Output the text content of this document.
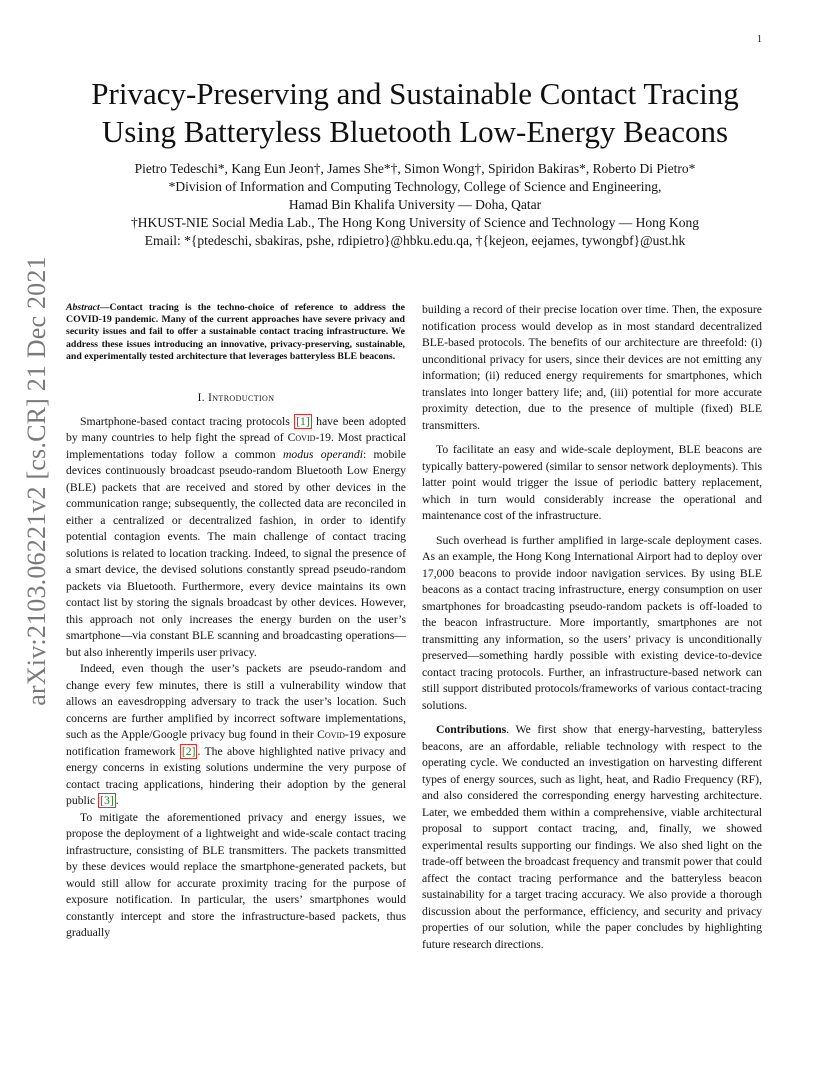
1
arXiv:2103.06221v2 [cs.CR] 21 Dec 2021
Privacy-Preserving and Sustainable Contact Tracing
Using Batteryless Bluetooth Low-Energy Beacons
Pietro Tedeschi*, Kang Eun Jeon†, James She*†, Simon Wong†, Spiridon Bakiras*, Roberto Di Pietro*
*Division of Information and Computing Technology, College of Science and Engineering,
Hamad Bin Khalifa University — Doha, Qatar
†HKUST-NIE Social Media Lab., The Hong Kong University of Science and Technology — Hong Kong
Email: *{ptedeschi, sbakiras, pshe, rdipietro}@hbku.edu.qa, †{kejeon, eejames, tywongbf}@ust.hk

Abstract—Contact tracing is the techno-choice of reference to address the COVID-19 pandemic. Many of the current approaches have severe privacy and security issues and fail to offer a sustainable contact tracing infrastructure. We address these issues introducing an innovative, privacy-preserving, sustainable, and experimentally tested architecture that leverages batteryless BLE beacons.

I. Introduction

Smartphone-based contact tracing protocols [1] have been adopted by many countries to help fight the spread of Covid-19. Most practical implementations today follow a common modus operandi: mobile devices continuously broadcast pseudo-random Bluetooth Low Energy (BLE) packets that are received and stored by other devices in the communication range; subsequently, the collected data are reconciled in either a centralized or decentralized fashion, in order to identify potential contagion events. The main challenge of contact tracing solutions is related to location tracking. Indeed, to signal the presence of a smart device, the devised solutions constantly spread pseudo-random packets via Bluetooth. Furthermore, every device maintains its own contact list by storing the signals broadcast by other devices. However, this approach not only increases the energy burden on the user’s smartphone—via constant BLE scanning and broadcasting operations—but also inherently imperils user privacy.

Indeed, even though the user’s packets are pseudo-random and change every few minutes, there is still a vulnerability window that allows an eavesdropping adversary to track the user’s location. Such concerns are further amplified by incorrect software implementations, such as the Apple/Google privacy bug found in their Covid-19 exposure notification framework [2] . The above highlighted native privacy and energy concerns in existing solutions undermine the very purpose of contact tracing applications, hindering their adoption by the general public [3] .

To mitigate the aforementioned privacy and energy issues, we propose the deployment of a lightweight and wide-scale contact tracing infrastructure, consisting of BLE transmitters. The packets transmitted by these devices would replace the smartphone-generated packets, but would still allow for accurate proximity tracing for the purpose of exposure notification. In particular, the users’ smartphones would constantly intercept and store the infrastructure-based packets, thus gradually

building a record of their precise location over time. Then, the exposure notification process would develop as in most standard decentralized BLE-based protocols. The benefits of our architecture are threefold: (i) unconditional privacy for users, since their devices are not emitting any information; (ii) reduced energy requirements for smartphones, which translates into longer battery life; and, (iii) potential for more accurate proximity detection, due to the presence of multiple (fixed) BLE transmitters.

To facilitate an easy and wide-scale deployment, BLE beacons are typically battery-powered (similar to sensor network deployments). This latter point would trigger the issue of periodic battery replacement, which in turn would considerably increase the operational and maintenance cost of the infrastructure.

Such overhead is further amplified in large-scale deployment cases. As an example, the Hong Kong International Airport had to deploy over 17,000 beacons to provide indoor navigation services. By using BLE beacons as a contact tracing infrastructure, energy consumption on user smartphones for broadcasting pseudo-random packets is off-loaded to the beacon infrastructure. More importantly, smartphones are not transmitting any information, so the users’ privacy is unconditionally preserved—something hardly possible with existing device-to-device contact tracing protocols. Further, an infrastructure-based network can still support distributed protocols/frameworks of various contact-tracing solutions.

Contributions. We first show that energy-harvesting, batteryless beacons, are an affordable, reliable technology with respect to the operating cycle. We conducted an investigation on harvesting different types of energy sources, such as light, heat, and Radio Frequency (RF), and also considered the corresponding energy harvesting architecture. Later, we embedded them within a comprehensive, viable architectural proposal to support contact tracing, and, finally, we showed experimental results supporting our findings. We also shed light on the trade-off between the broadcast frequency and transmit power that could affect the contact tracing performance and the batteryless beacon sustainability for a target tracing accuracy. We also provide a thorough discussion about the performance, efficiency, and security and privacy properties of our solution, while the paper concludes by highlighting future research directions.
